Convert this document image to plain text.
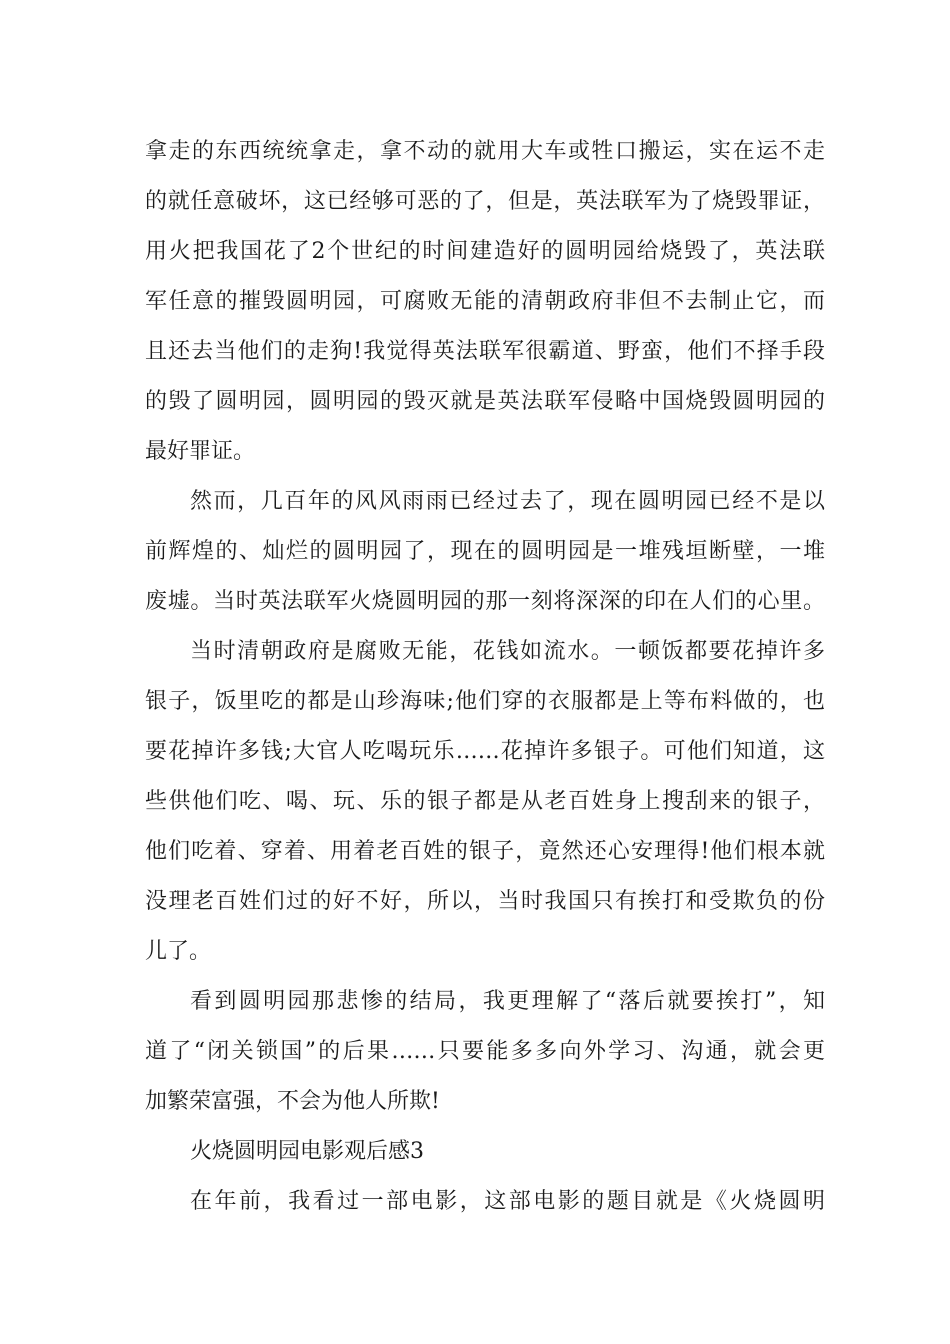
拿走的东西统统拿走，拿不动的就用大车或牲口搬运，实在运不走
的就任意破坏，这已经够可恶的了，但是，英法联军为了烧毁罪证，
用火把我国花了2个世纪的时间建造好的圆明园给烧毁了，英法联
军任意的摧毁圆明园，可腐败无能的清朝政府非但不去制止它，而
且还去当他们的走狗!我觉得英法联军很霸道、野蛮，他们不择手段
的毁了圆明园，圆明园的毁灭就是英法联军侵略中国烧毁圆明园的
最好罪证。
然而，几百年的风风雨雨已经过去了，现在圆明园已经不是以
前辉煌的、灿烂的圆明园了，现在的圆明园是一堆残垣断壁，一堆
废墟。当时英法联军火烧圆明园的那一刻将深深的印在人们的心里。
当时清朝政府是腐败无能，花钱如流水。一顿饭都要花掉许多
银子，饭里吃的都是山珍海味;他们穿的衣服都是上等布料做的，也
要花掉许多钱;大官人吃喝玩乐……花掉许多银子。可他们知道，这
些供他们吃、喝、玩、乐的银子都是从老百姓身上搜刮来的银子，
他们吃着、穿着、用着老百姓的银子，竟然还心安理得!他们根本就
没理老百姓们过的好不好，所以，当时我国只有挨打和受欺负的份
儿了。
看到圆明园那悲惨的结局，我更理解了“落后就要挨打”，知
道了“闭关锁国”的后果……只要能多多向外学习、沟通，就会更
加繁荣富强，不会为他人所欺!
火烧圆明园电影观后感3
在年前，我看过一部电影，这部电影的题目就是《火烧圆明
